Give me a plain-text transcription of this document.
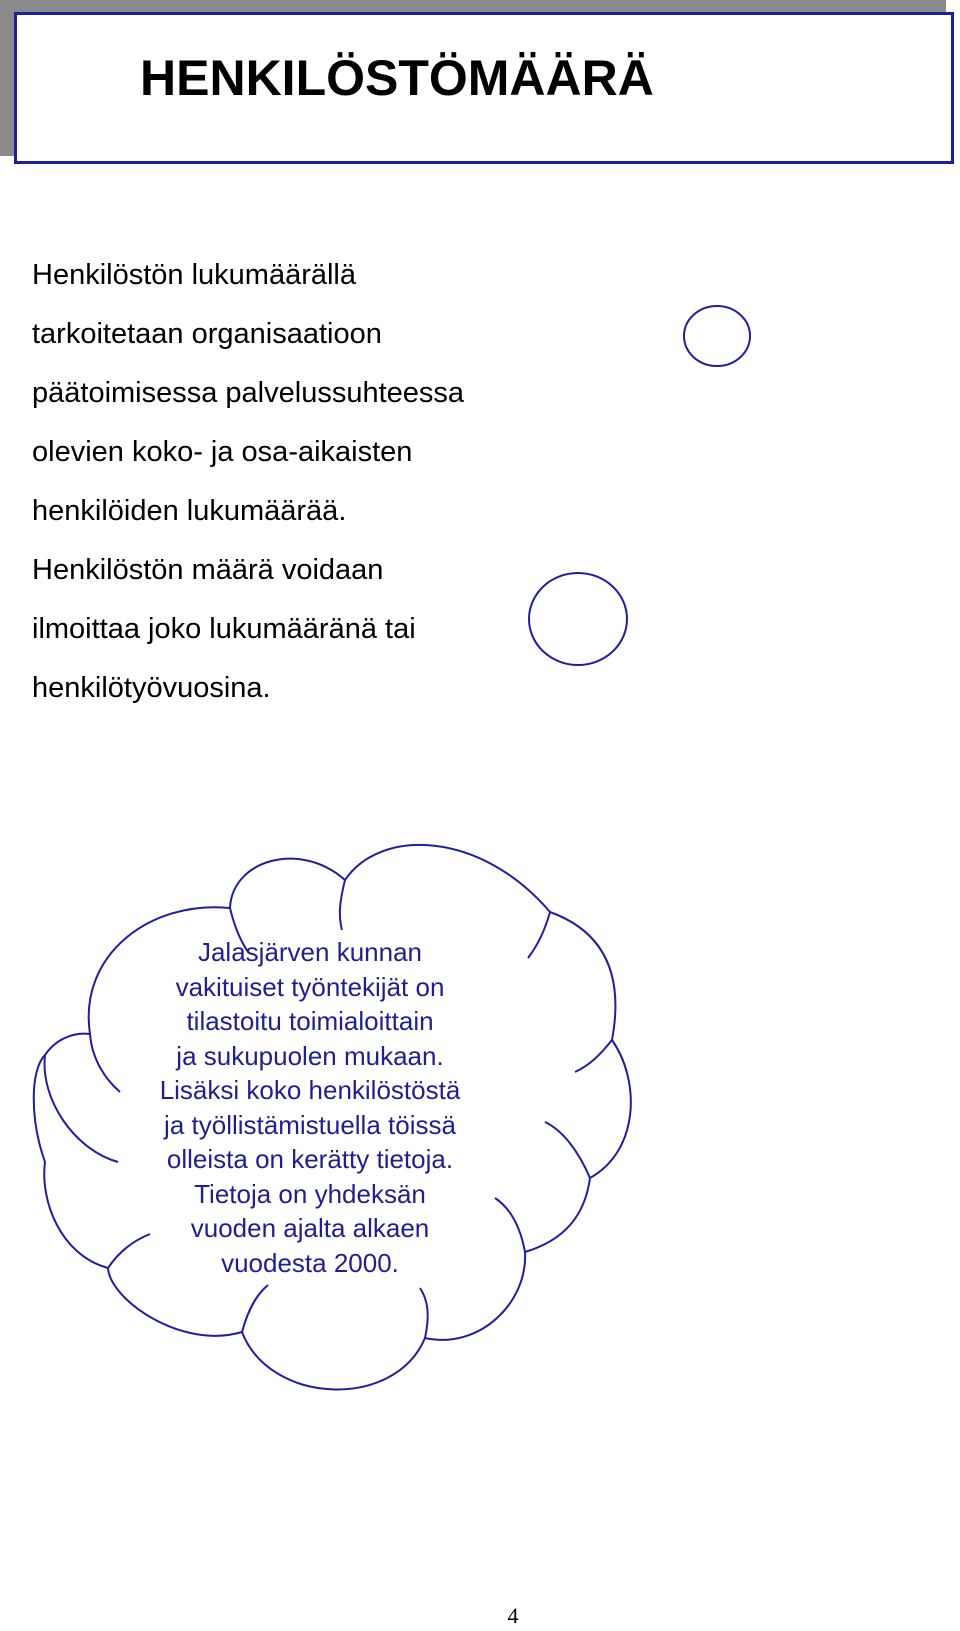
HENKILÖSTÖMÄÄRÄ

Henkilöstön lukumäärällä
tarkoitetaan organisaatioon
päätoimisessa palvelussuhteessa
olevien koko- ja osa-aikaisten
henkilöiden lukumäärää.
Henkilöstön määrä voidaan
ilmoittaa joko lukumääränä tai
henkilötyövuosina.

Jalasjärven kunnan
vakituiset työntekijät on
tilastoitu toimialoittain
ja sukupuolen mukaan.
Lisäksi koko henkilöstöstä
ja työllistämistuella töissä
olleista on kerätty tietoja.
Tietoja on yhdeksän
vuoden ajalta alkaen
vuodesta 2000.

4
